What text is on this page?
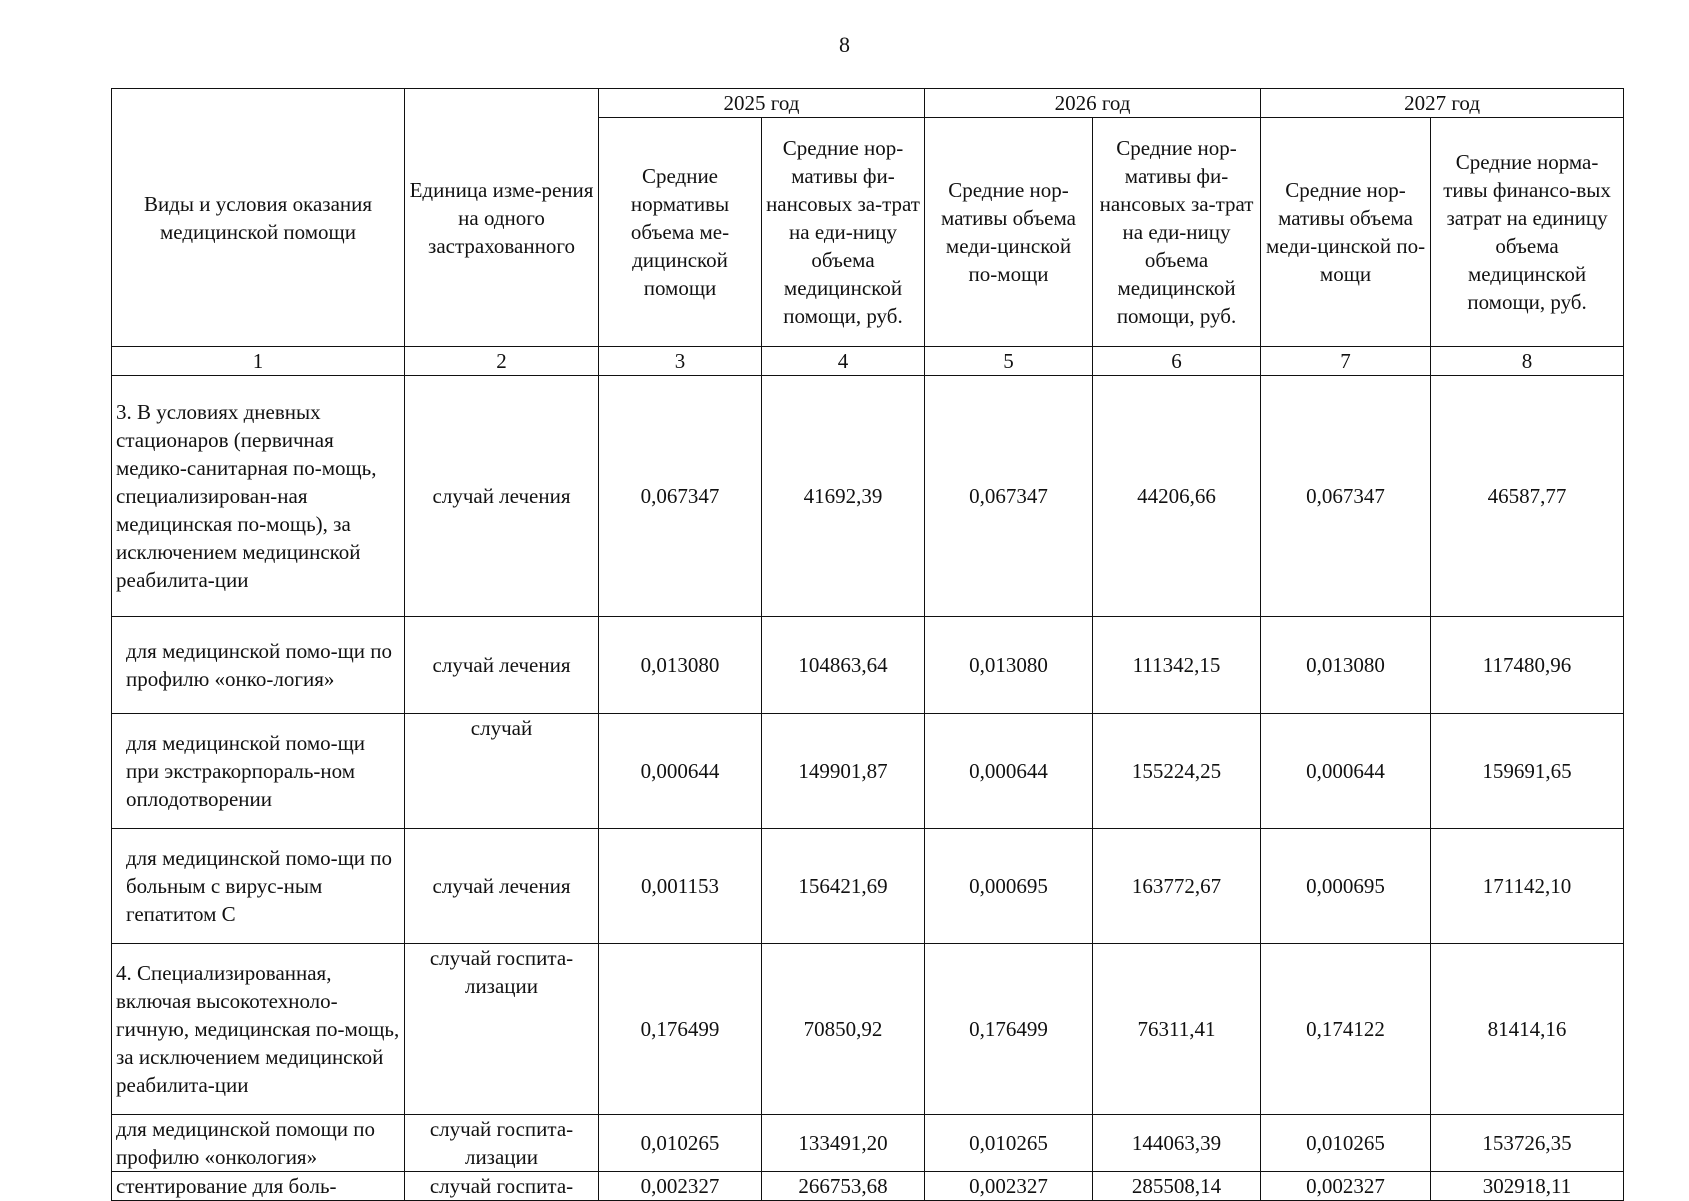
8
Виды и условия оказания медицинской помощи	Единица изме-рения на одного застрахованного	2025 год		2026 год		2027 год	
		Средние нормативы объема ме-дицинской помощи	Средние нор-мативы фи-нансовых за-трат на еди-ницу объема медицинской помощи, руб.	Средние нор-мативы объема меди-цинской по-мощи	Средние нор-мативы фи-нансовых за-трат на еди-ницу объема медицинской помощи, руб.	Средние нор-мативы объема меди-цинской по-мощи	Средние норма-тивы финансо-вых затрат на единицу объема медицинской помощи, руб.
1	2	3	4	5	6	7	8
3. В условиях дневных стационаров (первичная медико-санитарная по-мощь, специализирован-ная медицинская по-мощь), за исключением медицинской реабилита-ции	случай лечения	0,067347	41692,39	0,067347	44206,66	0,067347	46587,77
для медицинской помо-щи по профилю «онко-логия»	случай лечения	0,013080	104863,64	0,013080	111342,15	0,013080	117480,96
для медицинской помо-щи при экстракорпораль-ном оплодотворении	случай	0,000644	149901,87	0,000644	155224,25	0,000644	159691,65
для медицинской помо-щи по больным с вирус-ным гепатитом С	случай лечения	0,001153	156421,69	0,000695	163772,67	0,000695	171142,10
4. Специализированная, включая высокотехноло-гичную, медицинская по-мощь, за исключением медицинской реабилита-ции	случай госпита-лизации	0,176499	70850,92	0,176499	76311,41	0,174122	81414,16
для медицинской помощи по профилю «онкология»	случай госпита-лизации	0,010265	133491,20	0,010265	144063,39	0,010265	153726,35
стентирование для боль-	случай госпита-	0,002327	266753,68	0,002327	285508,14	0,002327	302918,11
